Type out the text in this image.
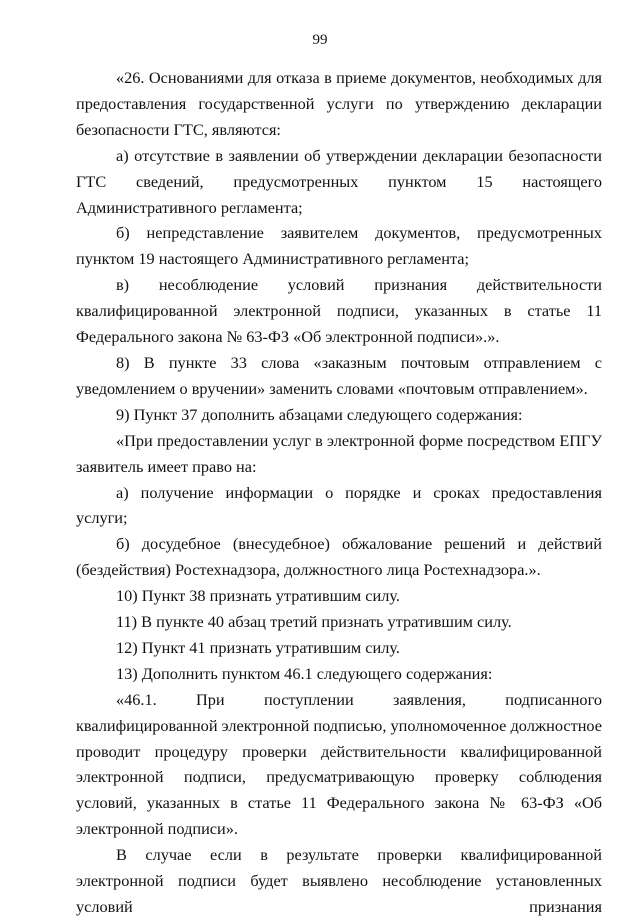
99

«26. Основаниями для отказа в приеме документов, необходимых для предоставления государственной услуги по утверждению декларации безопасности ГТС, являются:

а) отсутствие в заявлении об утверждении декларации безопасности ГТС сведений, предусмотренных пунктом 15 настоящего Административного регламента;

б) непредставление заявителем документов, предусмотренных пунктом 19 настоящего Административного регламента;

в) несоблюдение условий признания действительности квалифицированной электронной подписи, указанных в статье 11 Федерального закона № 63-ФЗ «Об электронной подписи».».

8) В пункте 33 слова «заказным почтовым отправлением с уведомлением о вручении» заменить словами «почтовым отправлением».

9) Пункт 37 дополнить абзацами следующего содержания:

«При предоставлении услуг в электронной форме посредством ЕПГУ заявитель имеет право на:

а) получение информации о порядке и сроках предоставления услуги;

б) досудебное (внесудебное) обжалование решений и действий (бездействия) Ростехнадзора, должностного лица Ростехнадзора.».

10) Пункт 38 признать утратившим силу.

11) В пункте 40 абзац третий признать утратившим силу.

12) Пункт 41 признать утратившим силу.

13) Дополнить пунктом 46.1 следующего содержания:

«46.1. При поступлении заявления, подписанного квалифицированной электронной подписью, уполномоченное должностное проводит процедуру проверки действительности квалифицированной электронной подписи, предусматривающую проверку соблюдения условий, указанных в статье 11 Федерального закона № 63-ФЗ «Об электронной подписи».

В случае если в результате проверки квалифицированной электронной подписи будет выявлено несоблюдение установленных условий признания
